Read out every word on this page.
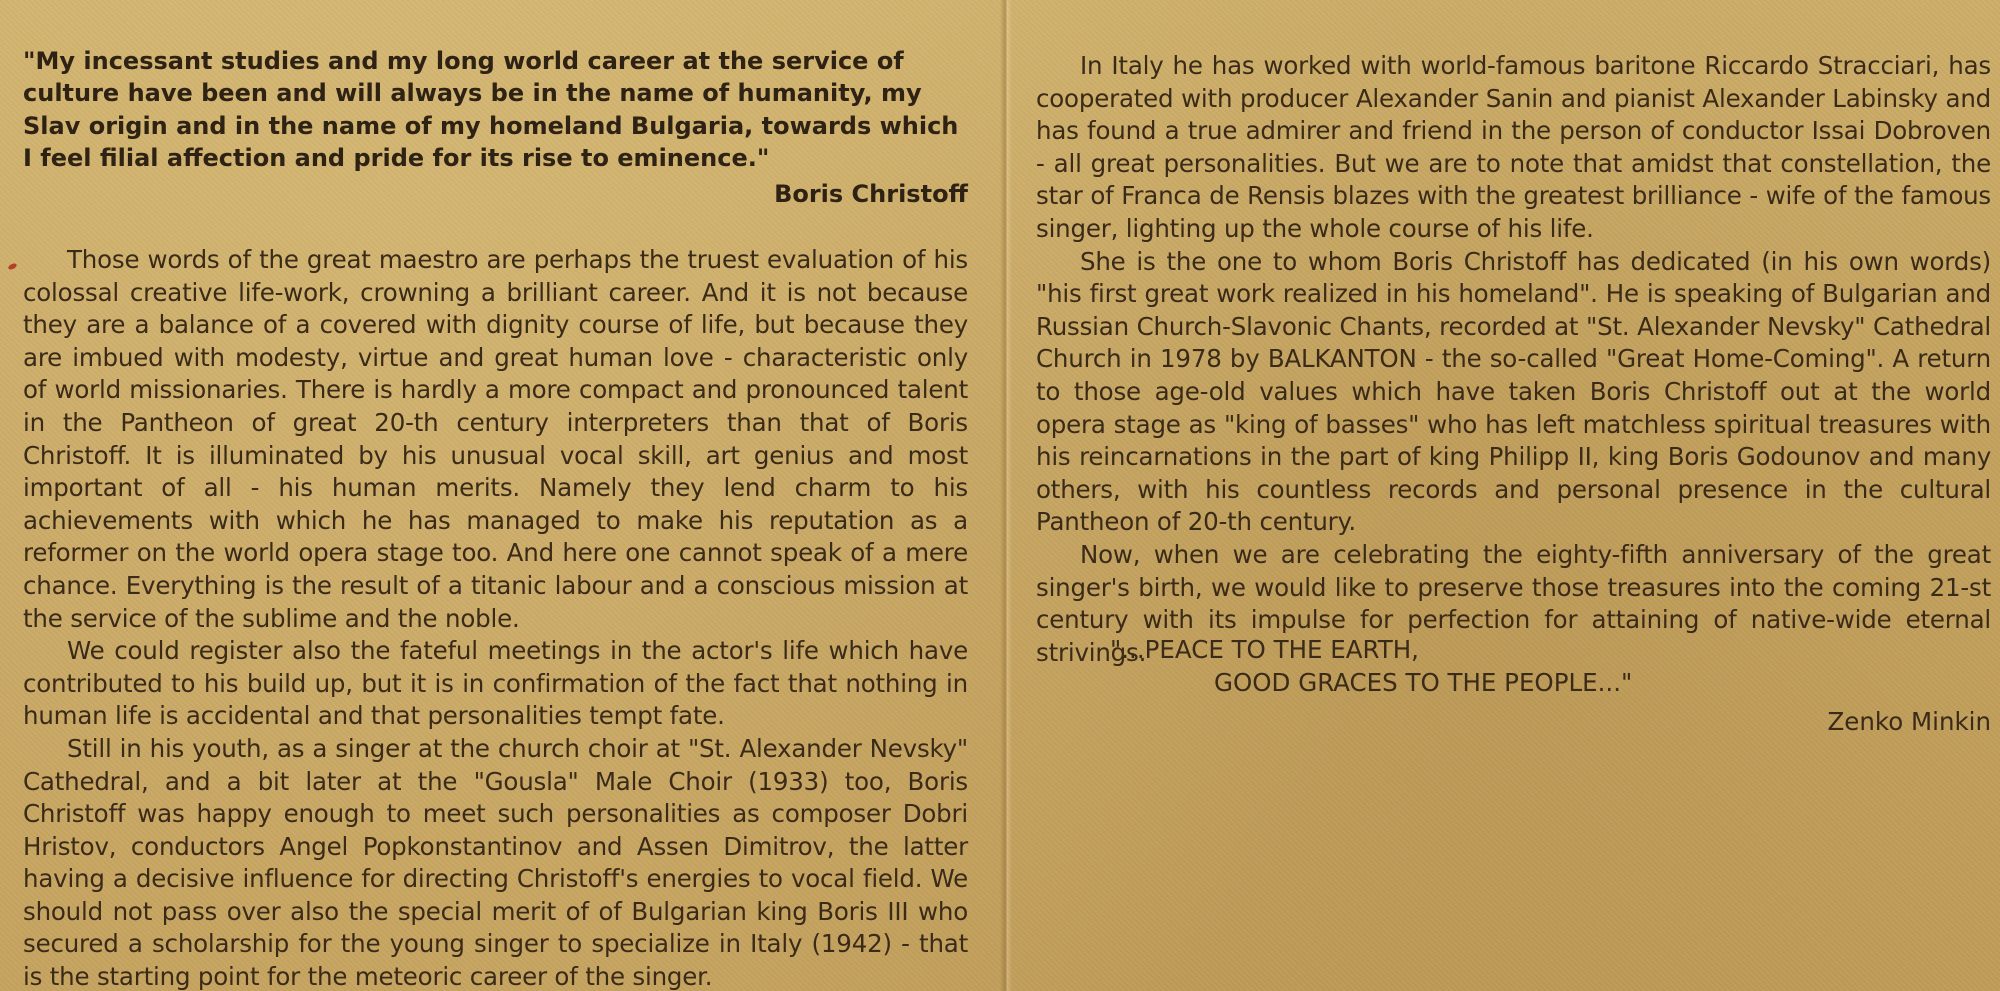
"My incessant studies and my long world career at the service of culture have been and will always be in the name of humanity, my Slav origin and in the name of my homeland Bulgaria, towards which I feel filial affection and pride for its rise to eminence."

Boris Christoff

Those words of the great maestro are perhaps the truest evaluation of his colossal creative life-work, crowning a brilliant career. And it is not because they are a balance of a covered with dignity course of life, but because they are imbued with modesty, virtue and great human love - characteristic only of world missionaries. There is hardly a more compact and pronounced talent in the Pantheon of great 20-th century interpreters than that of Boris Christoff. It is illuminated by his unusual vocal skill, art genius and most important of all - his human merits. Namely they lend charm to his achievements with which he has managed to make his reputation as a reformer on the world opera stage too. And here one cannot speak of a mere chance. Everything is the result of a titanic labour and a conscious mission at the service of the sublime and the noble.

We could register also the fateful meetings in the actor's life which have contributed to his build up, but it is in confirmation of the fact that nothing in human life is accidental and that personalities tempt fate.

Still in his youth, as a singer at the church choir at "St. Alexander Nevsky" Cathedral, and a bit later at the "Gousla" Male Choir (1933) too, Boris Christoff was happy enough to meet such personalities as composer Dobri Hristov, conductors Angel Popkonstantinov and Assen Dimitrov, the latter having a decisive influence for directing Christoff's energies to vocal field. We should not pass over also the special merit of of Bulgarian king Boris III who secured a scholarship for the young singer to specialize in Italy (1942) - that is the starting point for the meteoric career of the singer.

In Italy he has worked with world-famous baritone Riccardo Stracciari, has cooperated with producer Alexander Sanin and pianist Alexander Labinsky and has found a true admirer and friend in the person of conductor Issai Dobroven - all great personalities. But we are to note that amidst that constellation, the star of Franca de Rensis blazes with the greatest brilliance - wife of the famous singer, lighting up the whole course of his life.

She is the one to whom Boris Christoff has dedicated (in his own words) "his first great work realized in his homeland". He is speaking of Bulgarian and Russian Church-Slavonic Chants, recorded at "St. Alexander Nevsky" Cathedral Church in 1978 by BALKANTON - the so-called "Great Home-Coming". A return to those age-old values which have taken Boris Christoff out at the world opera stage as "king of basses" who has left matchless spiritual treasures with his reincarnations in the part of king Philipp II, king Boris Godounov and many others, with his countless records and personal presence in the cultural Pantheon of 20-th century.

Now, when we are celebrating the eighty-fifth anniversary of the great singer's birth, we would like to preserve those treasures into the coming 21-st century with its impulse for perfection for attaining of native-wide eternal strivings.

"...PEACE TO THE EARTH,
GOOD GRACES TO THE PEOPLE..."

Zenko Minkin
